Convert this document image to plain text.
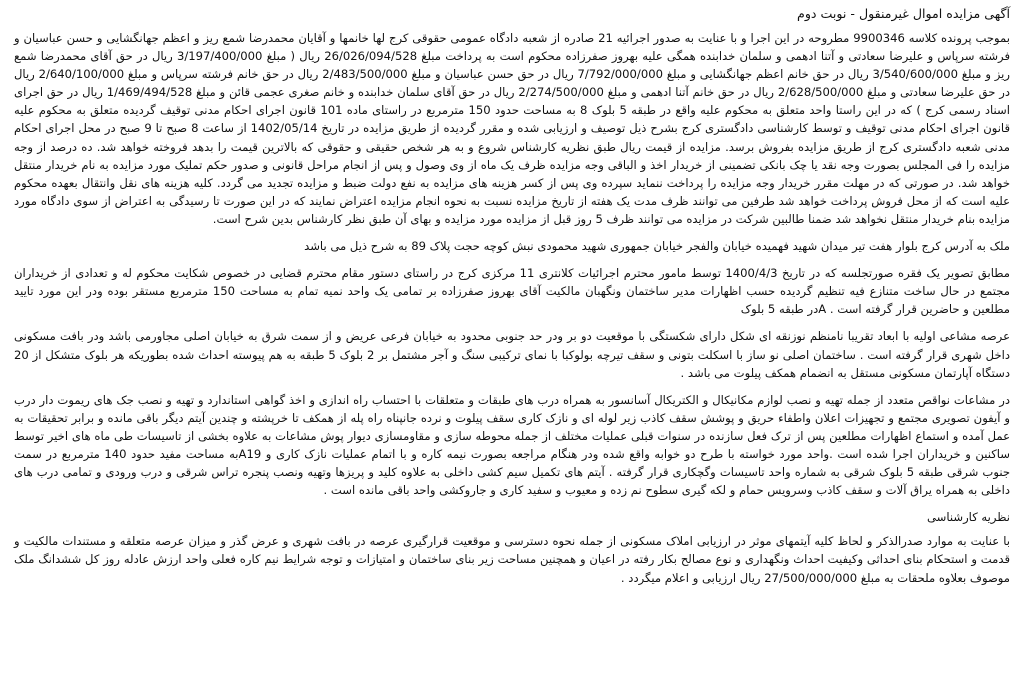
آگهی مزایده اموال غیرمنقول - نوبت دوم
بموجب پرونده کلاسه 9900346 مطروحه در این اجرا و با عنایت به صدور اجرائیه 21 صادره از شعبه دادگاه عمومی حقوقی کرج لها خانمها و آقایان محمدرضا شمع ریز و اعظم جهانگشایی و حسن عباسیان و فرشته سرپاس و علیرضا سعادتی و آتنا ادهمی و سلمان خدابنده همگی علیه بهروز صفرزاده محکوم است به پرداخت مبلغ 26/026/094/528 ریال ( مبلغ 3/197/400/000 ریال در حق آقای محمدرضا شمع ریز و مبلغ 3/540/600/000 ریال در حق خانم اعظم جهانگشایی و مبلغ 7/792/000/000 ریال در حق حسن عباسیان و مبلغ 2/483/500/000 ریال در حق خانم فرشته سرپاس و مبلغ 2/640/100/000 ریال در حق علیرضا سعادتی و مبلغ 2/628/500/000 ریال در حق خانم آتنا ادهمی و مبلغ 2/274/500/000 ریال در حق آقای سلمان خدابنده و خانم صغری عجمی قائن و مبلغ 1/469/494/528 ریال در حق اجرای اسناد رسمی کرج ) که در این راستا واحد متعلق به محکوم علیه واقع در طبقه 5 بلوک 8 به مساحت حدود 150 مترمربع در راستای ماده 101 قانون اجرای احکام مدنی توقیف گردیده متعلق به محکوم علیه قانون اجرای احکام مدنی توقیف و توسط کارشناسی دادگستری کرج بشرح ذیل توصیف و ارزیابی شده و مقرر گردیده از طریق مزایده در تاریخ 1402/05/14 از ساعت 8 صبح تا 9 صبح در محل اجرای احکام مدنی شعبه دادگستری کرج از طریق مزایده بفروش برسد. مزایده از قیمت ریال طبق نظریه کارشناس شروع و به هر شخص حقیقی و حقوقی که بالاترین قیمت را بدهد فروخته خواهد شد. ده درصد از وجه مزایده را فی المجلس بصورت وجه نقد یا چک بانکی تضمینی از خریدار اخذ و الباقی وجه مزایده ظرف یک ماه از وی وصول و پس از انجام مراحل قانونی و صدور حکم تملیک مورد مزایده به نام خریدار منتقل خواهد شد. در صورتی که در مهلت مقرر خریدار وجه مزایده را پرداخت ننماید سپرده وی پس از کسر هزینه های مزایده به نفع دولت ضبط و مزایده تجدید می گردد. کلیه هزینه های نقل وانتقال بعهده محکوم علیه است که از محل فروش پرداخت خواهد شد طرفین می توانند ظرف مدت یک هفته از تاریخ مزایده نسبت به نحوه انجام مزایده اعتراض نمایند که در این صورت تا رسیدگی به اعتراض از سوی دادگاه مورد مزایده بنام خریدار منتقل نخواهد شد ضمنا طالبین شرکت در مزایده می توانند ظرف 5 روز قبل از مزایده مورد مزایده و بهای آن طبق نظر کارشناس بدین شرح است.
ملک به آدرس کرج بلوار هفت تیر میدان شهید فهمیده خیابان والفجر خیابان جمهوری شهید محمودی نبش کوچه حجت پلاک 89 به شرح ذیل می باشد
مطابق تصویر یک فقره صورتجلسه که در تاریخ 1400/4/3 توسط مامور محترم اجرائیات کلانتری 11 مرکزی کرج در راستای دستور مقام محترم قضایی در خصوص شکایت محکوم له و تعدادی از خریداران مجتمع در حال ساخت متنازع فیه تنظیم گردیده حسب اظهارات مدیر ساختمان ونگهبان مالکیت آقای بهروز صفرزاده بر تمامی یک واحد نمیه تمام به مساحت 150 مترمربع مستقر بوده ودر این مورد تایید مطلعین و حاضرین قرار گرفته است . Aدر طبقه 5 بلوک
عرصه مشاعی اولیه با ابعاد تقریبا نامنظم نوزنقه ای شکل دارای شکستگی با موقعیت دو بر ودر حد جنوبی محدود به خیابان فرعی عریض و از سمت شرق به خیابان اصلی مجاورمی باشد ودر بافت مسکونی داخل شهری قرار گرفته است . ساختمان اصلی نو ساز با اسکلت بتونی و سقف تیرچه بولوکبا با نمای ترکیبی سنگ و آجر مشتمل بر 2 بلوک 5 طبقه به هم پیوسته احداث شده بطوریکه هر بلوک متشکل از 20 دستگاه آپارتمان مسکونی مستقل به انضمام همکف پیلوت می باشد .
در مشاعات نواقص متعدد از جمله تهیه و نصب لوازم مکانیکال و الکتریکال آسانسور به همراه درب های طبقات و متعلقات با احتساب راه اندازی و اخذ گواهی استاندارد و تهیه و نصب جک های ریموت دار درب و آیفون تصویری مجتمع و تجهیزات اعلان واطفاء حریق و پوشش سقف کاذب زیر لوله ای و نازک کاری سقف پیلوت و نرده جانپناه راه پله از همکف تا خرپشته و چندین آیتم دیگر باقی مانده و برابر تحقیقات به عمل آمده و استماع اظهارات مطلعین پس از ترک فعل سازنده در سنوات قبلی عملیات مختلف از جمله محوطه سازی و مقاومسازی دیوار پوش مشاعات به علاوه بخشی از تاسیسات طی ماه های اخیر توسط ساکنین و خریداران اجرا شده است .واحد مورد خواسته با طرح دو خوابه واقع شده ودر هنگام مراجعه بصورت نیمه کاره و با اتمام عملیات نازک کاری و A19به مساحت مفید حدود 140 مترمربع در سمت جنوب شرقی طبقه 5 بلوک شرقی به شماره واحد تاسیسات وگچکاری قرار گرفته . آیتم های تکمیل سیم کشی داخلی به علاوه کلید و پریزها وتهیه ونصب پنجره تراس شرقی و درب ورودی و تمامی درب های داخلی به همراه یراق آلات و سقف کاذب وسرویس حمام و لکه گیری سطوح نم زده و معیوب و سفید کاری و جاروکشی واحد باقی مانده است .
نظریه کارشناسی
با عنایت به موارد صدرالذکر و لحاظ کلیه آیتمهای موثر در ارزیابی املاک مسکونی از جمله نحوه دسترسی و موقعیت قرارگیری عرصه در بافت شهری و عرض گذر و میزان عرصه متعلقه و مستندات مالکیت و قدمت و استحکام بنای احداثی وکیفیت احداث ونگهداری و نوع مصالح بکار رفته در اعیان و همچنین مساحت زیر بنای ساختمان و امتیازات و توجه شرایط نیم کاره فعلی واحد ارزش عادله روز کل ششدانگ ملک موصوف بعلاوه ملحقات به مبلغ 27/500/000/000 ریال ارزیابی و اعلام میگردد .
